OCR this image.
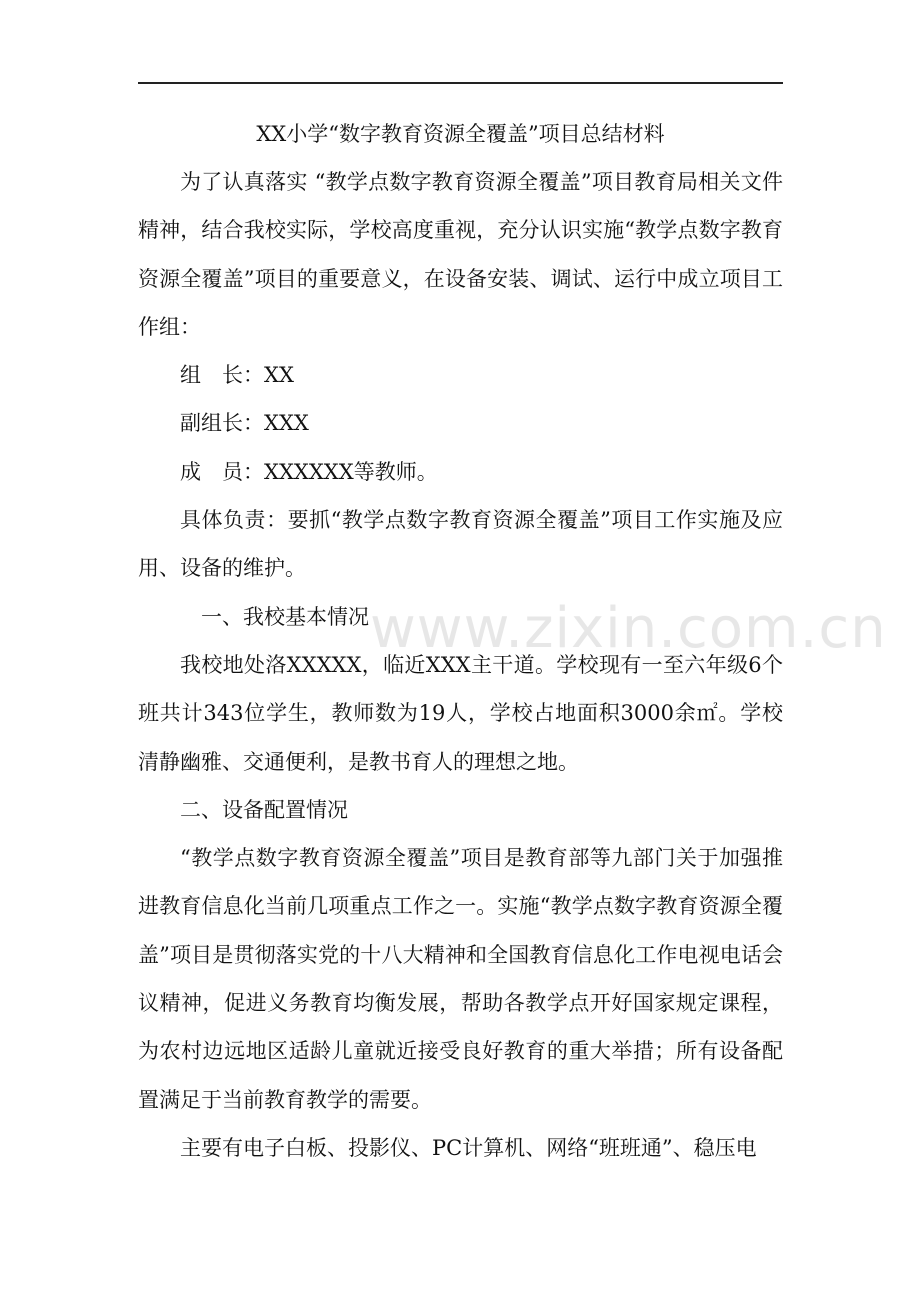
XX小学“数字教育资源全覆盖”项目总结材料

为了认真落实 “教学点数字教育资源全覆盖”项目教育局相关文件精神，结合我校实际，学校高度重视，充分认识实施“教学点数字教育资源全覆盖”项目的重要意义，在设备安装、调试、运行中成立项目工作组：

组　长：XX

副组长：XXX

成　员：XXXXXX等教师。

具体负责：要抓“教学点数字教育资源全覆盖”项目工作实施及应用、设备的维护。

一、我校基本情况

我校地处洛XXXXX，临近XXX主干道。学校现有一至六年级6个班共计343位学生，教师数为19人，学校占地面积3000余㎡。学校清静幽雅、交通便利，是教书育人的理想之地。

二、设备配置情况

“教学点数字教育资源全覆盖”项目是教育部等九部门关于加强推进教育信息化当前几项重点工作之一。实施“教学点数字教育资源全覆盖”项目是贯彻落实党的十八大精神和全国教育信息化工作电视电话会议精神，促进义务教育均衡发展，帮助各教学点开好国家规定课程，为农村边远地区适龄儿童就近接受良好教育的重大举措；所有设备配置满足于当前教育教学的需要。

主要有电子白板、投影仪、PC计算机、网络“班班通”、稳压电

www.zixin.com.cn
